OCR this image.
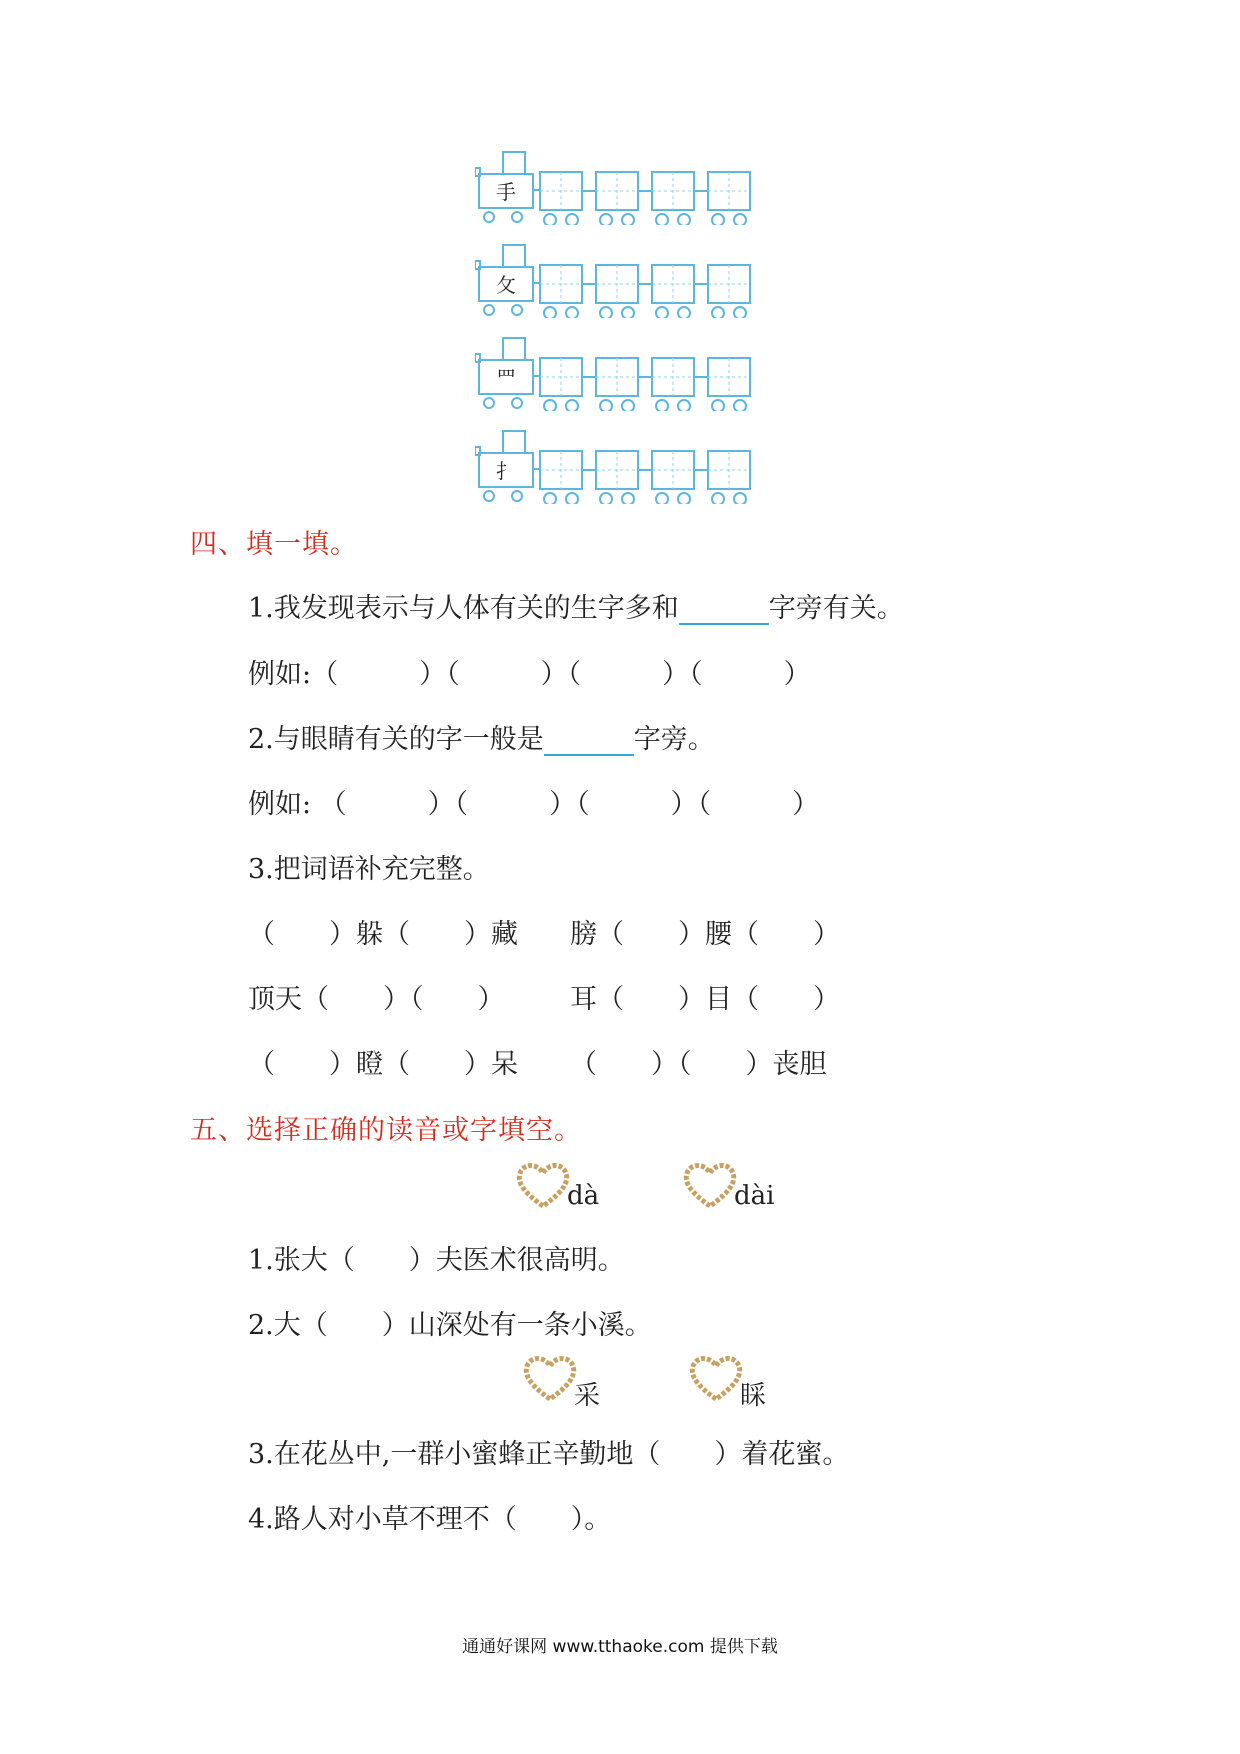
手
攵
罒
扌
四、填一填。
1.我发现表示与人体有关的生字多和	字旁有关。
例如:（　　　）（　　　）（　　　）（　　　）
2.与眼睛有关的字一般是	字旁。
例如: （　　　）（　　　）（　　　）（　　　）
3.把词语补充完整。
（　　）躲（　　）藏 膀（　　）腰（　　）
顶天（　　）（　　） 耳（　　）目（　　）
（　　）瞪（　　）呆 （　　）（　　）丧胆
五、选择正确的读音或字填空。
dà	dài
1.张大（　　）夫医术很高明。
2.大（　　）山深处有一条小溪。
采	睬
3.在花丛中,一群小蜜蜂正辛勤地（　　）着花蜜。
4.路人对小草不理不（　　）。
通通好课网 www.tthaoke.com 提供下载
